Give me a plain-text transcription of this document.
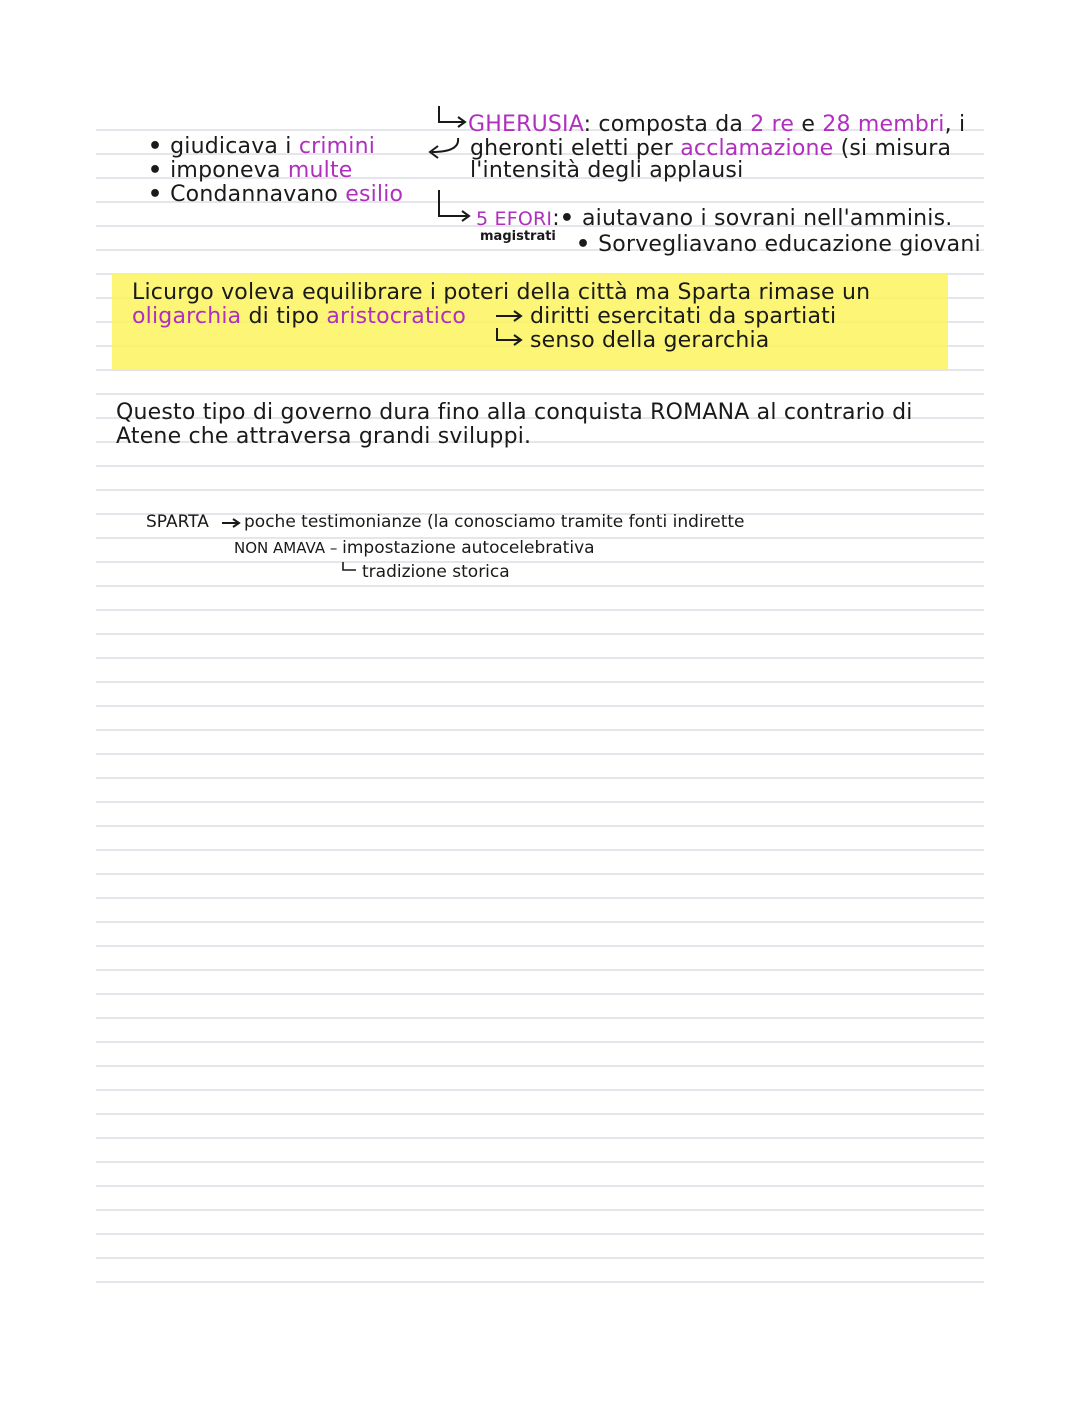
• giudicava i crimini
• imponeva multe
• Condannavano esilio
GHERUSIA: composta da 2 re e 28 membri, i
gheronti eletti per acclamazione (si misura
l'intensità degli applausi
5 EFORI:• aiutavano i sovrani nell'amminis.
magistrati • Sorvegliavano educazione giovani
Licurgo voleva equilibrare i poteri della città ma Sparta rimase un
oligarchia di tipo aristocratico	diritti esercitati da spartiati
senso della gerarchia
Questo tipo di governo dura fino alla conquista ROMANA al contrario di
Atene che attraversa grandi sviluppi.
SPARTA poche testimonianze (la conosciamo tramite fonti indirette
NON AMAVA – impostazione autocelebrativa
tradizione storica
